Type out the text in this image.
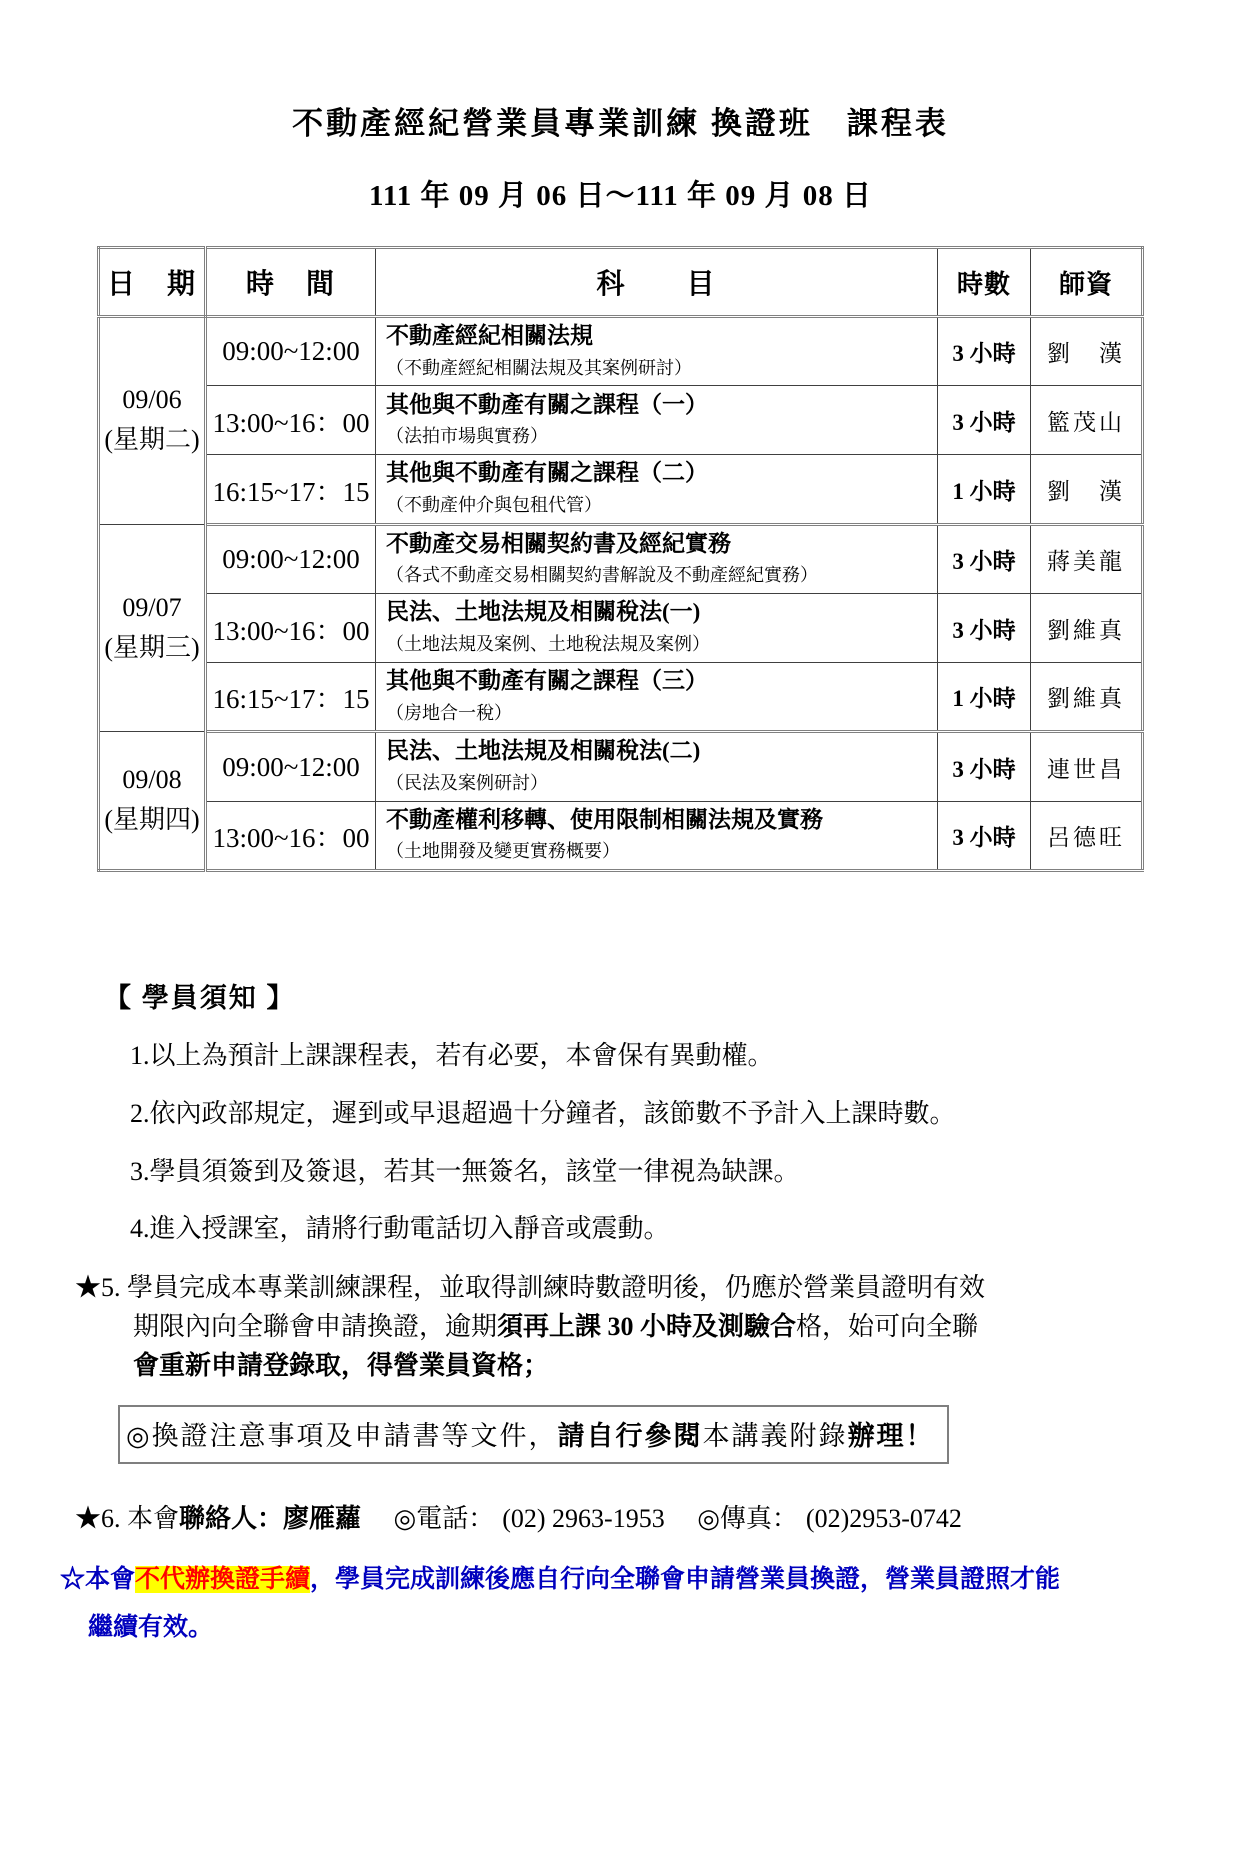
不動產經紀營業員專業訓練 換證班　課程表
111 年 09 月 06 日～111 年 09 月 08 日
日　期	時　間	科　　目	時數	師資

09/06
(星期二)
	09:00~12:00	
不動產經紀相關法規
（不動產經紀相關法規及其案例研討）
	3 小時	劉　漢
	13:00~16：00	其他與不動產有關之課程（一）
（法拍市場與實務）	3 小時	籃茂山
	16:15~17：15	其他與不動產有關之課程（二）
（不動產仲介與包租代管）	1 小時	劉　漢

09/07
(星期三)
	09:00~12:00	
不動產交易相關契約書及經紀實務
（各式不動產交易相關契約書解說及不動產經紀實務）
	3 小時	蔣美龍
	13:00~16：00	民法、土地法規及相關稅法(一)
（土地法規及案例、土地稅法規及案例）	3 小時	劉維真
	16:15~17：15	其他與不動產有關之課程（三）
（房地合一稅）	1 小時	劉維真

09/08
(星期四)
	09:00~12:00	
民法、土地法規及相關稅法(二)
（民法及案例研討）
	3 小時	連世昌
	13:00~16：00	不動產權利移轉、使用限制相關法規及實務
（土地開發及變更實務概要）	3 小時	呂德旺
【 學員須知 】
1.以上為預計上課課程表，若有必要，本會保有異動權。
2.依內政部規定，遲到或早退超過十分鐘者，該節數不予計入上課時數。
3.學員須簽到及簽退，若其一無簽名，該堂一律視為缺課。
4.進入授課室，請將行動電話切入靜音或震動。
★5. 學員完成本專業訓練課程，並取得訓練時數證明後，仍應於營業員證明有效
期限內向全聯會申請換證，逾期須再上課 30 小時及測驗合格，始可向全聯
會重新申請登錄取，得營業員資格；
◎換證注意事項及申請書等文件，請自行參閱本講義附錄辦理！
★6. 本會聯絡人：廖雁蘿 ◎電話： (02) 2963-1953 ◎傳真： (02)2953-0742
☆本會不代辦換證手續，學員完成訓練後應自行向全聯會申請營業員換證，營業員證照才能
繼續有效。
